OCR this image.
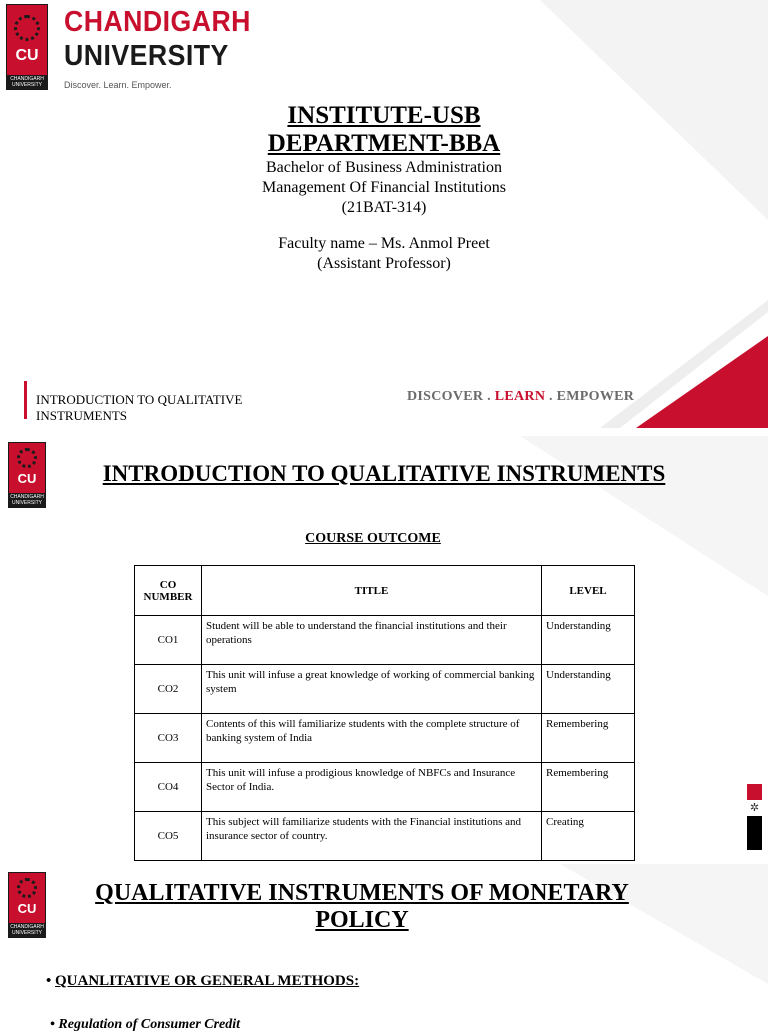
CU
CHANDIGARH UNIVERSITY
CHANDIGARH
UNIVERSITY
Discover. Learn. Empower.
INSTITUTE-USB
DEPARTMENT-BBA
Bachelor of Business Administration
Management Of Financial Institutions
(21BAT-314)
Faculty name – Ms. Anmol Preet
(Assistant Professor)
INTRODUCTION TO QUALITATIVE INSTRUMENTS
DISCOVER . LEARN . EMPOWER
CU
CHANDIGARH UNIVERSITY
INTRODUCTION TO QUALITATIVE INSTRUMENTS
COURSE OUTCOME
CO NUMBER	TITLE	LEVEL
CO1	Student will be able to understand the financial institutions and their operations	Understanding
CO2	This unit will infuse a great knowledge of working of commercial banking system	Understanding
CO3	Contents of this will familiarize students with the complete structure of banking system of India	Remembering
CO4	This unit will infuse a prodigious knowledge of NBFCs and Insurance Sector of India.	Remembering
CO5	This subject will familiarize students with the Financial institutions and insurance sector of country.	Creating
✲
CU
CHANDIGARH UNIVERSITY
QUALITATIVE INSTRUMENTS OF MONETARY
POLICY
• QUANLITATIVE OR GENERAL METHODS:
• Regulation of Consumer Credit
